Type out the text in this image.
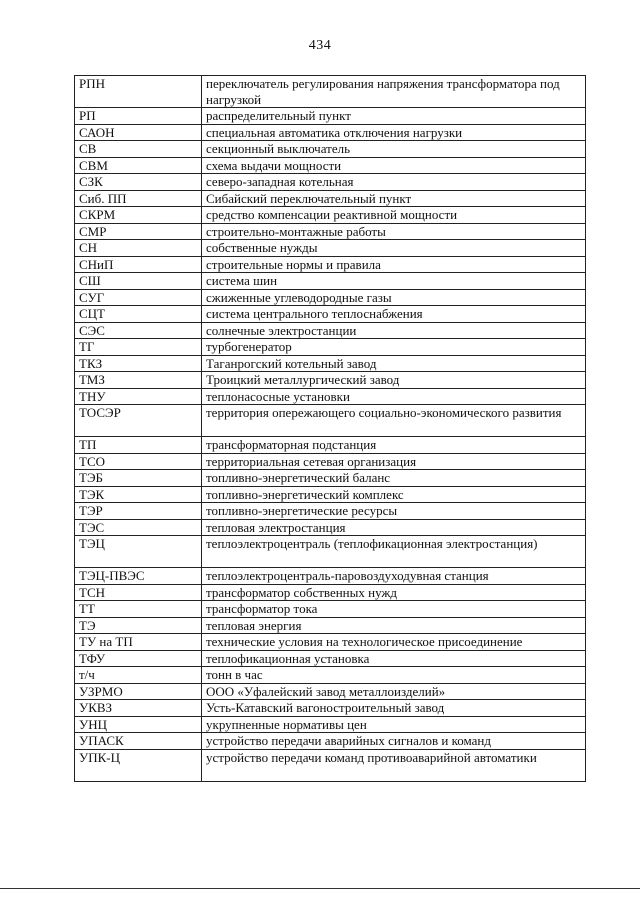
434
РПН	переключатель регулирования напряжения трансформатора под нагрузкой
РП	распределительный пункт
САОН	специальная автоматика отключения нагрузки
СВ	секционный выключатель
СВМ	схема выдачи мощности
СЗК	северо-западная котельная
Сиб. ПП	Сибайский переключательный пункт
СКРМ	средство компенсации реактивной мощности
СМР	строительно-монтажные работы
СН	собственные нужды
СНиП	строительные нормы и правила
СШ	система шин
СУГ	сжиженные углеводородные газы
СЦТ	система центрального теплоснабжения
СЭС	солнечные электростанции
ТГ	турбогенератор
ТКЗ	Таганрогский котельный завод
ТМЗ	Троицкий металлургический завод
ТНУ	теплонасосные установки
ТОСЭР	территория опережающего социально-экономического развития
ТП	трансформаторная подстанция
ТСО	территориальная сетевая организация
ТЭБ	топливно-энергетический баланс
ТЭК	топливно-энергетический комплекс
ТЭР	топливно-энергетические ресурсы
ТЭС	тепловая электростанция
ТЭЦ	теплоэлектроцентраль (теплофикационная электростанция)
ТЭЦ-ПВЭС	теплоэлектроцентраль-паровоздуходувная станция
ТСН	трансформатор собственных нужд
ТТ	трансформатор тока
ТЭ	тепловая энергия
ТУ на ТП	технические условия на технологическое присоединение
ТФУ	теплофикационная установка
т/ч	тонн в час
УЗРМО	ООО «Уфалейский завод металлоизделий»
УКВЗ	Усть-Катавский вагоностроительный завод
УНЦ	укрупненные нормативы цен
УПАСК	устройство передачи аварийных сигналов и команд
УПК-Ц	устройство передачи команд противоаварийной автоматики
